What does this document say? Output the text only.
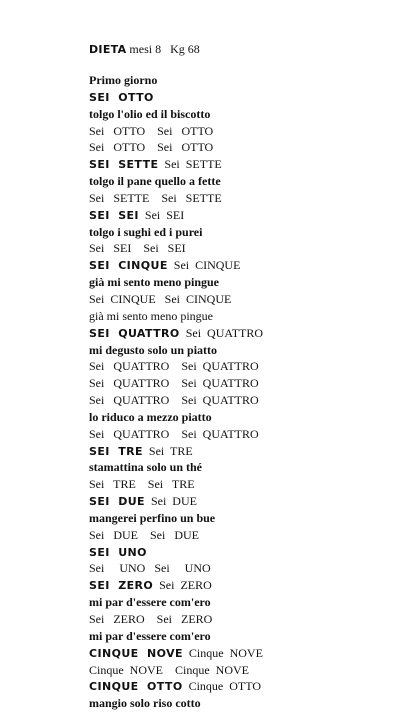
DIETA mesi 8   Kg 68
Primo giorno
SEI  OTTO
tolgo l'olio ed il biscotto
Sei   OTTO    Sei   OTTO
Sei   OTTO    Sei   OTTO
SEI  SETTE Sei  SETTE
tolgo il pane quello a fette
Sei   SETTE    Sei   SETTE
SEI  SEI Sei  SEI
tolgo i sughi ed i purei
Sei   SEI    Sei   SEI
SEI  CINQUE Sei  CINQUE
già mi sento meno pingue
Sei  CINQUE   Sei  CINQUE
già mi sento meno pingue
SEI  QUATTRO Sei  QUATTRO
mi degusto solo un piatto
Sei   QUATTRO    Sei  QUATTRO
Sei   QUATTRO    Sei  QUATTRO
Sei   QUATTRO    Sei  QUATTRO
lo riduco a mezzo piatto
Sei   QUATTRO    Sei  QUATTRO
SEI  TRE Sei  TRE
stamattina solo un thé
Sei   TRE    Sei   TRE
SEI  DUE Sei  DUE
mangerei perfino un bue
Sei   DUE    Sei   DUE
SEI  UNO
Sei     UNO   Sei     UNO
SEI  ZERO Sei  ZERO
mi par d'essere com'ero
Sei   ZERO    Sei   ZERO
mi par d'essere com'ero
CINQUE  NOVE Cinque  NOVE
Cinque  NOVE    Cinque  NOVE
CINQUE  OTTO Cinque  OTTO
mangio solo riso cotto
